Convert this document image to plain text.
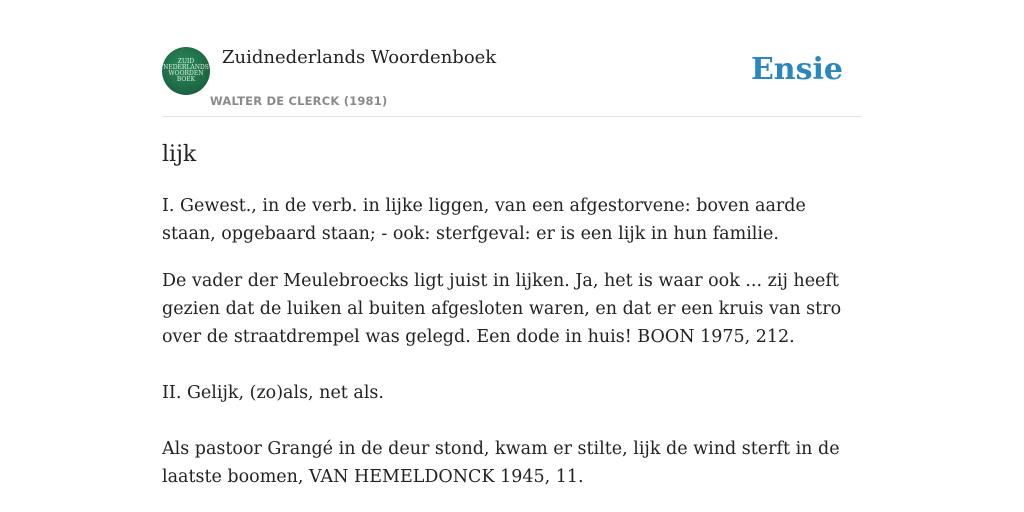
ZUID
NEDERLANDS
WOORDEN
BOEK
Zuidnederlands Woordenboek
WALTER DE CLERCK (1981)
Ensie
lijk

I. Gewest., in de verb. in lijke liggen, van een afgestorvene: boven aarde staan, opgebaard staan; - ook: sterfgeval: er is een lijk in hun familie.

De vader der Meulebroecks ligt juist in lijken. Ja, het is waar ook ... zij heeft gezien dat de luiken al buiten afgesloten waren, en dat er een kruis van stro over de straatdrempel was gelegd. Een dode in huis! BOON 1975, 212.

II. Gelijk, (zo)als, net als.

Als pastoor Grangé in de deur stond, kwam er stilte, lijk de wind sterft in de laatste boomen, VAN HEMELDONCK 1945, 11.
